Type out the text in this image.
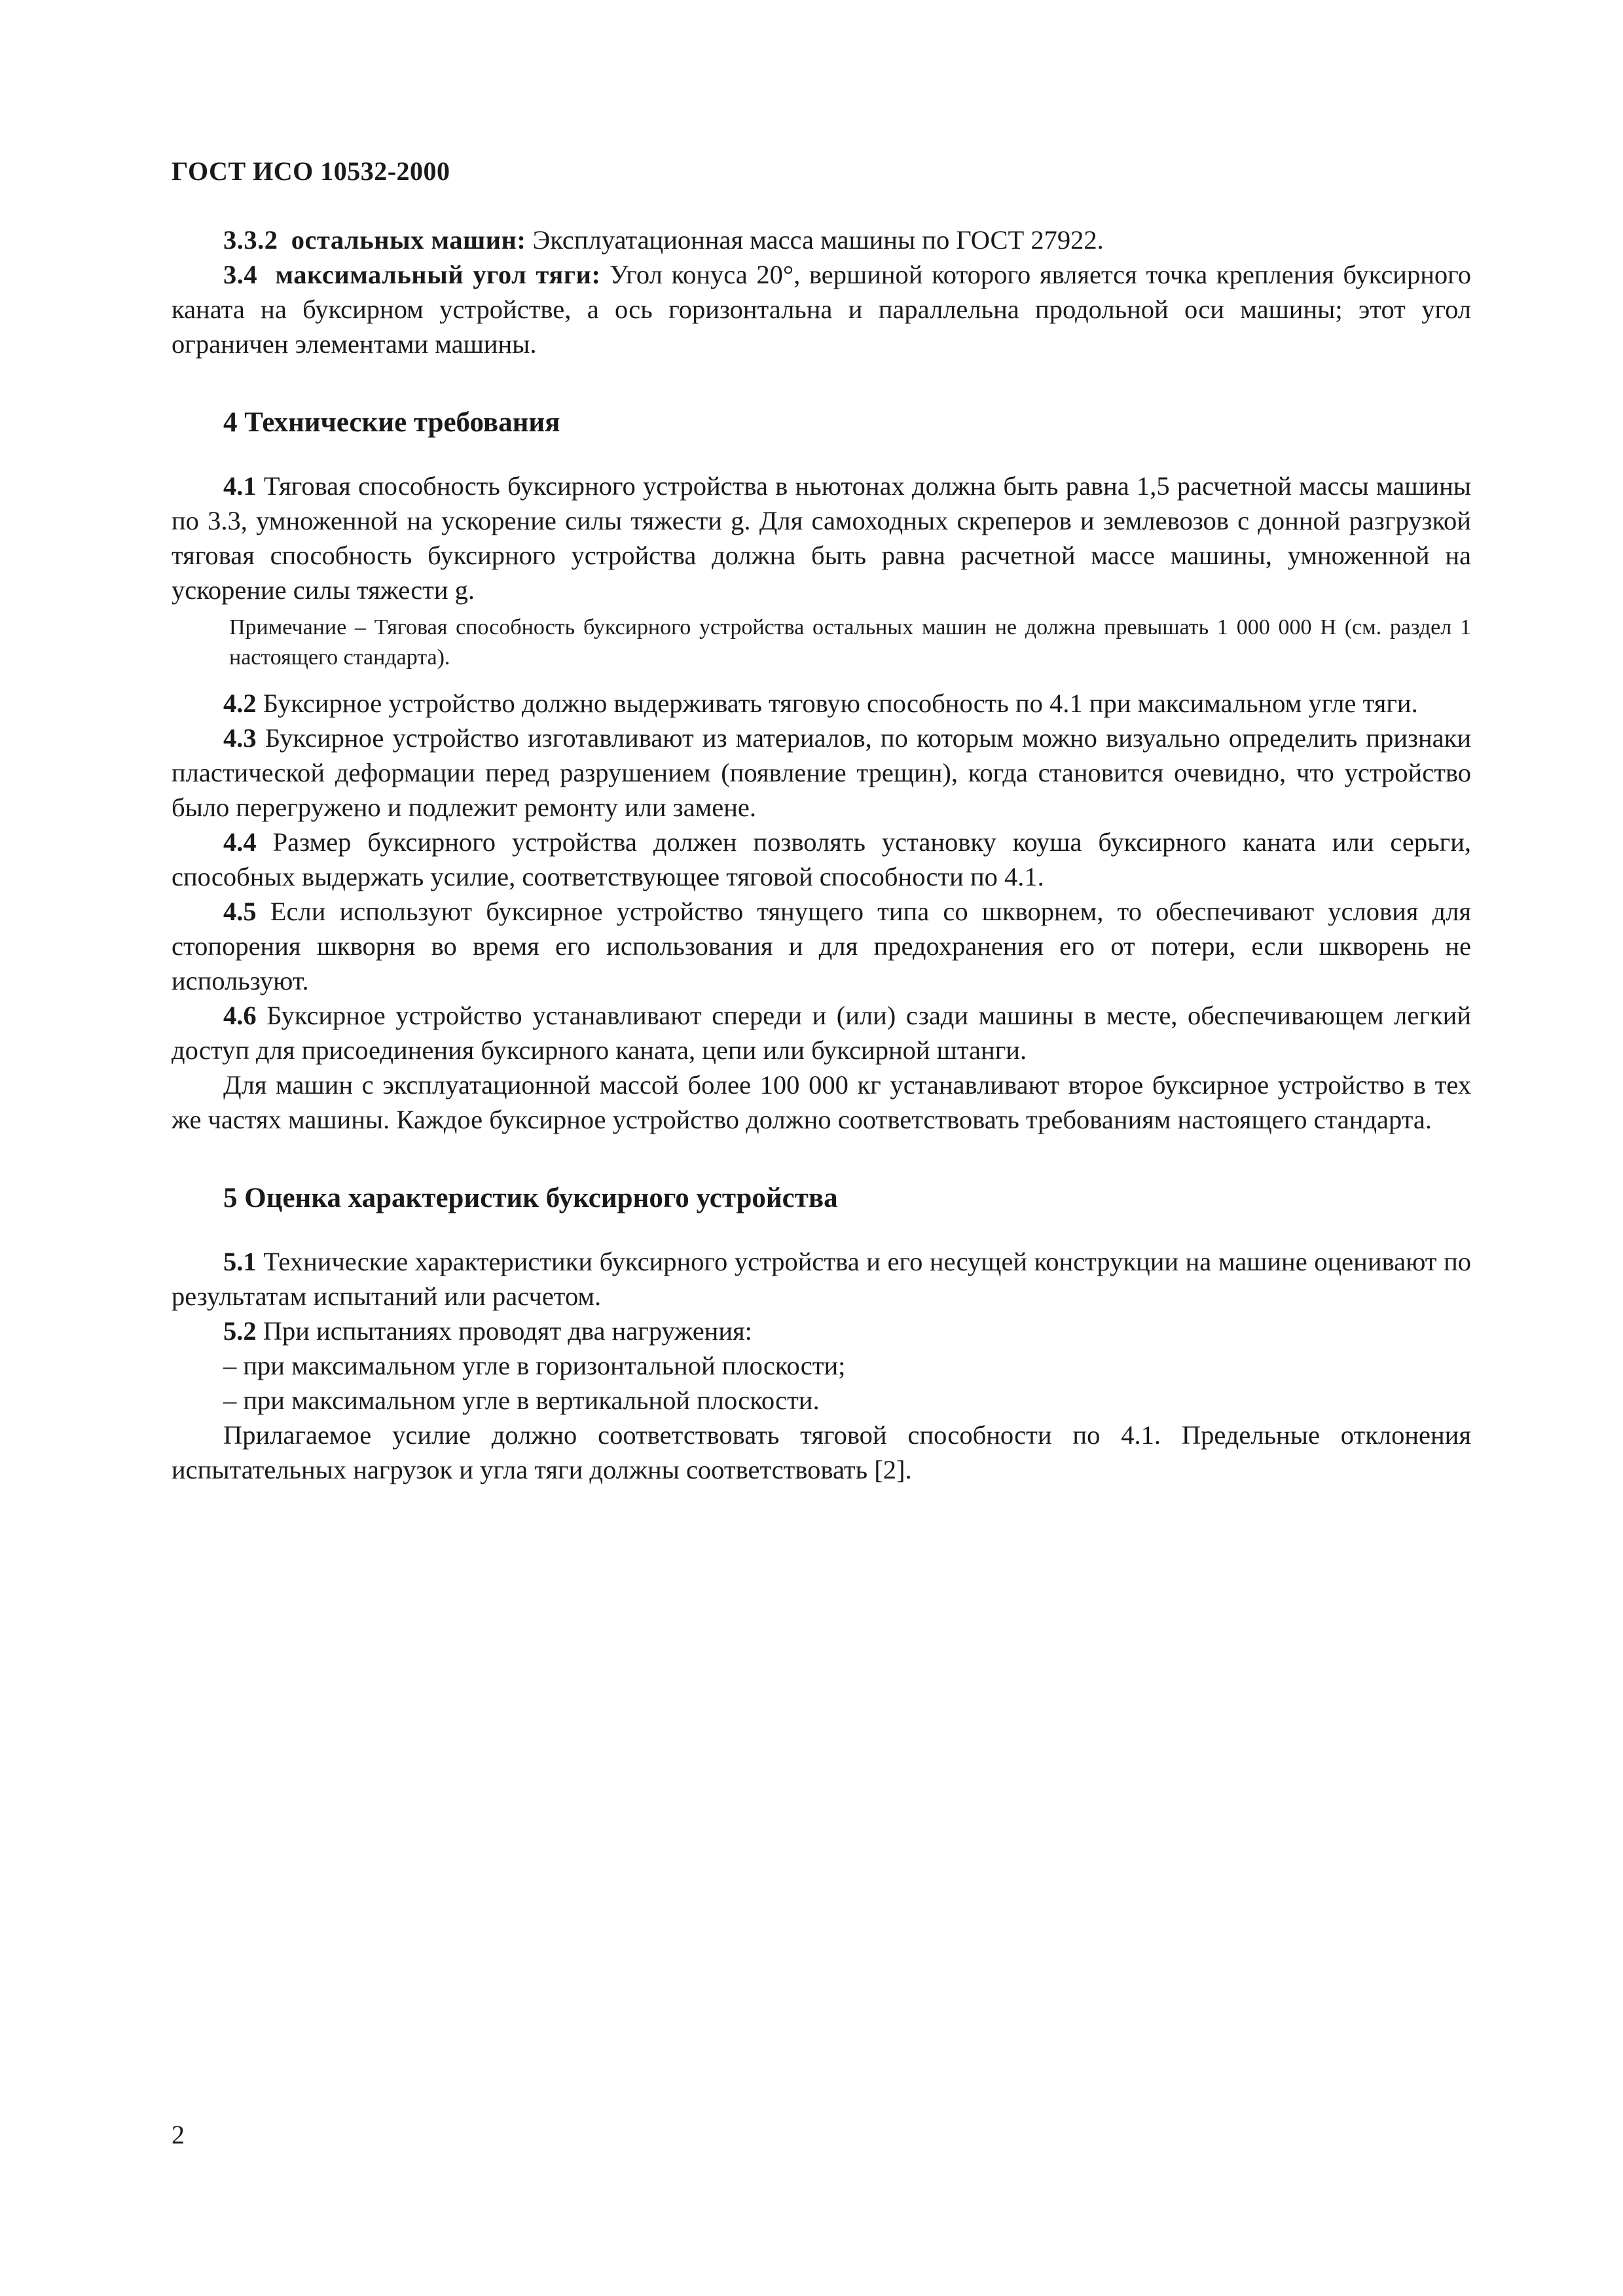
ГОСТ ИСО 10532-2000

3.3.2 остальных машин: Эксплуатационная масса машины по ГОСТ 27922.

3.4 максимальный угол тяги: Угол конуса 20°, вершиной которого является точка крепления буксирного каната на буксирном устройстве, а ось горизонтальна и параллельна продольной оси машины; этот угол ограничен элементами машины.

4 Технические требования

4.1 Тяговая способность буксирного устройства в ньютонах должна быть равна 1,5 расчетной массы машины по 3.3, умноженной на ускорение силы тяжести g. Для самоходных скреперов и землевозов с донной разгрузкой тяговая способность буксирного устройства должна быть равна расчетной массе машины, умноженной на ускорение силы тяжести g.

Примечание – Тяговая способность буксирного устройства остальных машин не должна превышать 1 000 000 Н (см. раздел 1 настоящего стандарта).

4.2 Буксирное устройство должно выдерживать тяговую способность по 4.1 при максимальном угле тяги.

4.3 Буксирное устройство изготавливают из материалов, по которым можно визуально определить признаки пластической деформации перед разрушением (появление трещин), когда становится очевидно, что устройство было перегружено и подлежит ремонту или замене.

4.4 Размер буксирного устройства должен позволять установку коуша буксирного каната или серьги, способных выдержать усилие, соответствующее тяговой способности по 4.1.

4.5 Если используют буксирное устройство тянущего типа со шкворнем, то обеспечивают условия для стопорения шкворня во время его использования и для предохранения его от потери, если шкворень не используют.

4.6 Буксирное устройство устанавливают спереди и (или) сзади машины в месте, обеспечивающем легкий доступ для присоединения буксирного каната, цепи или буксирной штанги.

Для машин с эксплуатационной массой более 100 000 кг устанавливают второе буксирное устройство в тех же частях машины. Каждое буксирное устройство должно соответствовать требованиям настоящего стандарта.

5 Оценка характеристик буксирного устройства

5.1 Технические характеристики буксирного устройства и его несущей конструкции на машине оценивают по результатам испытаний или расчетом.

5.2 При испытаниях проводят два нагружения:

– при максимальном угле в горизонтальной плоскости;

– при максимальном угле в вертикальной плоскости.

Прилагаемое усилие должно соответствовать тяговой способности по 4.1. Предельные отклонения испытательных нагрузок и угла тяги должны соответствовать [2].

2
